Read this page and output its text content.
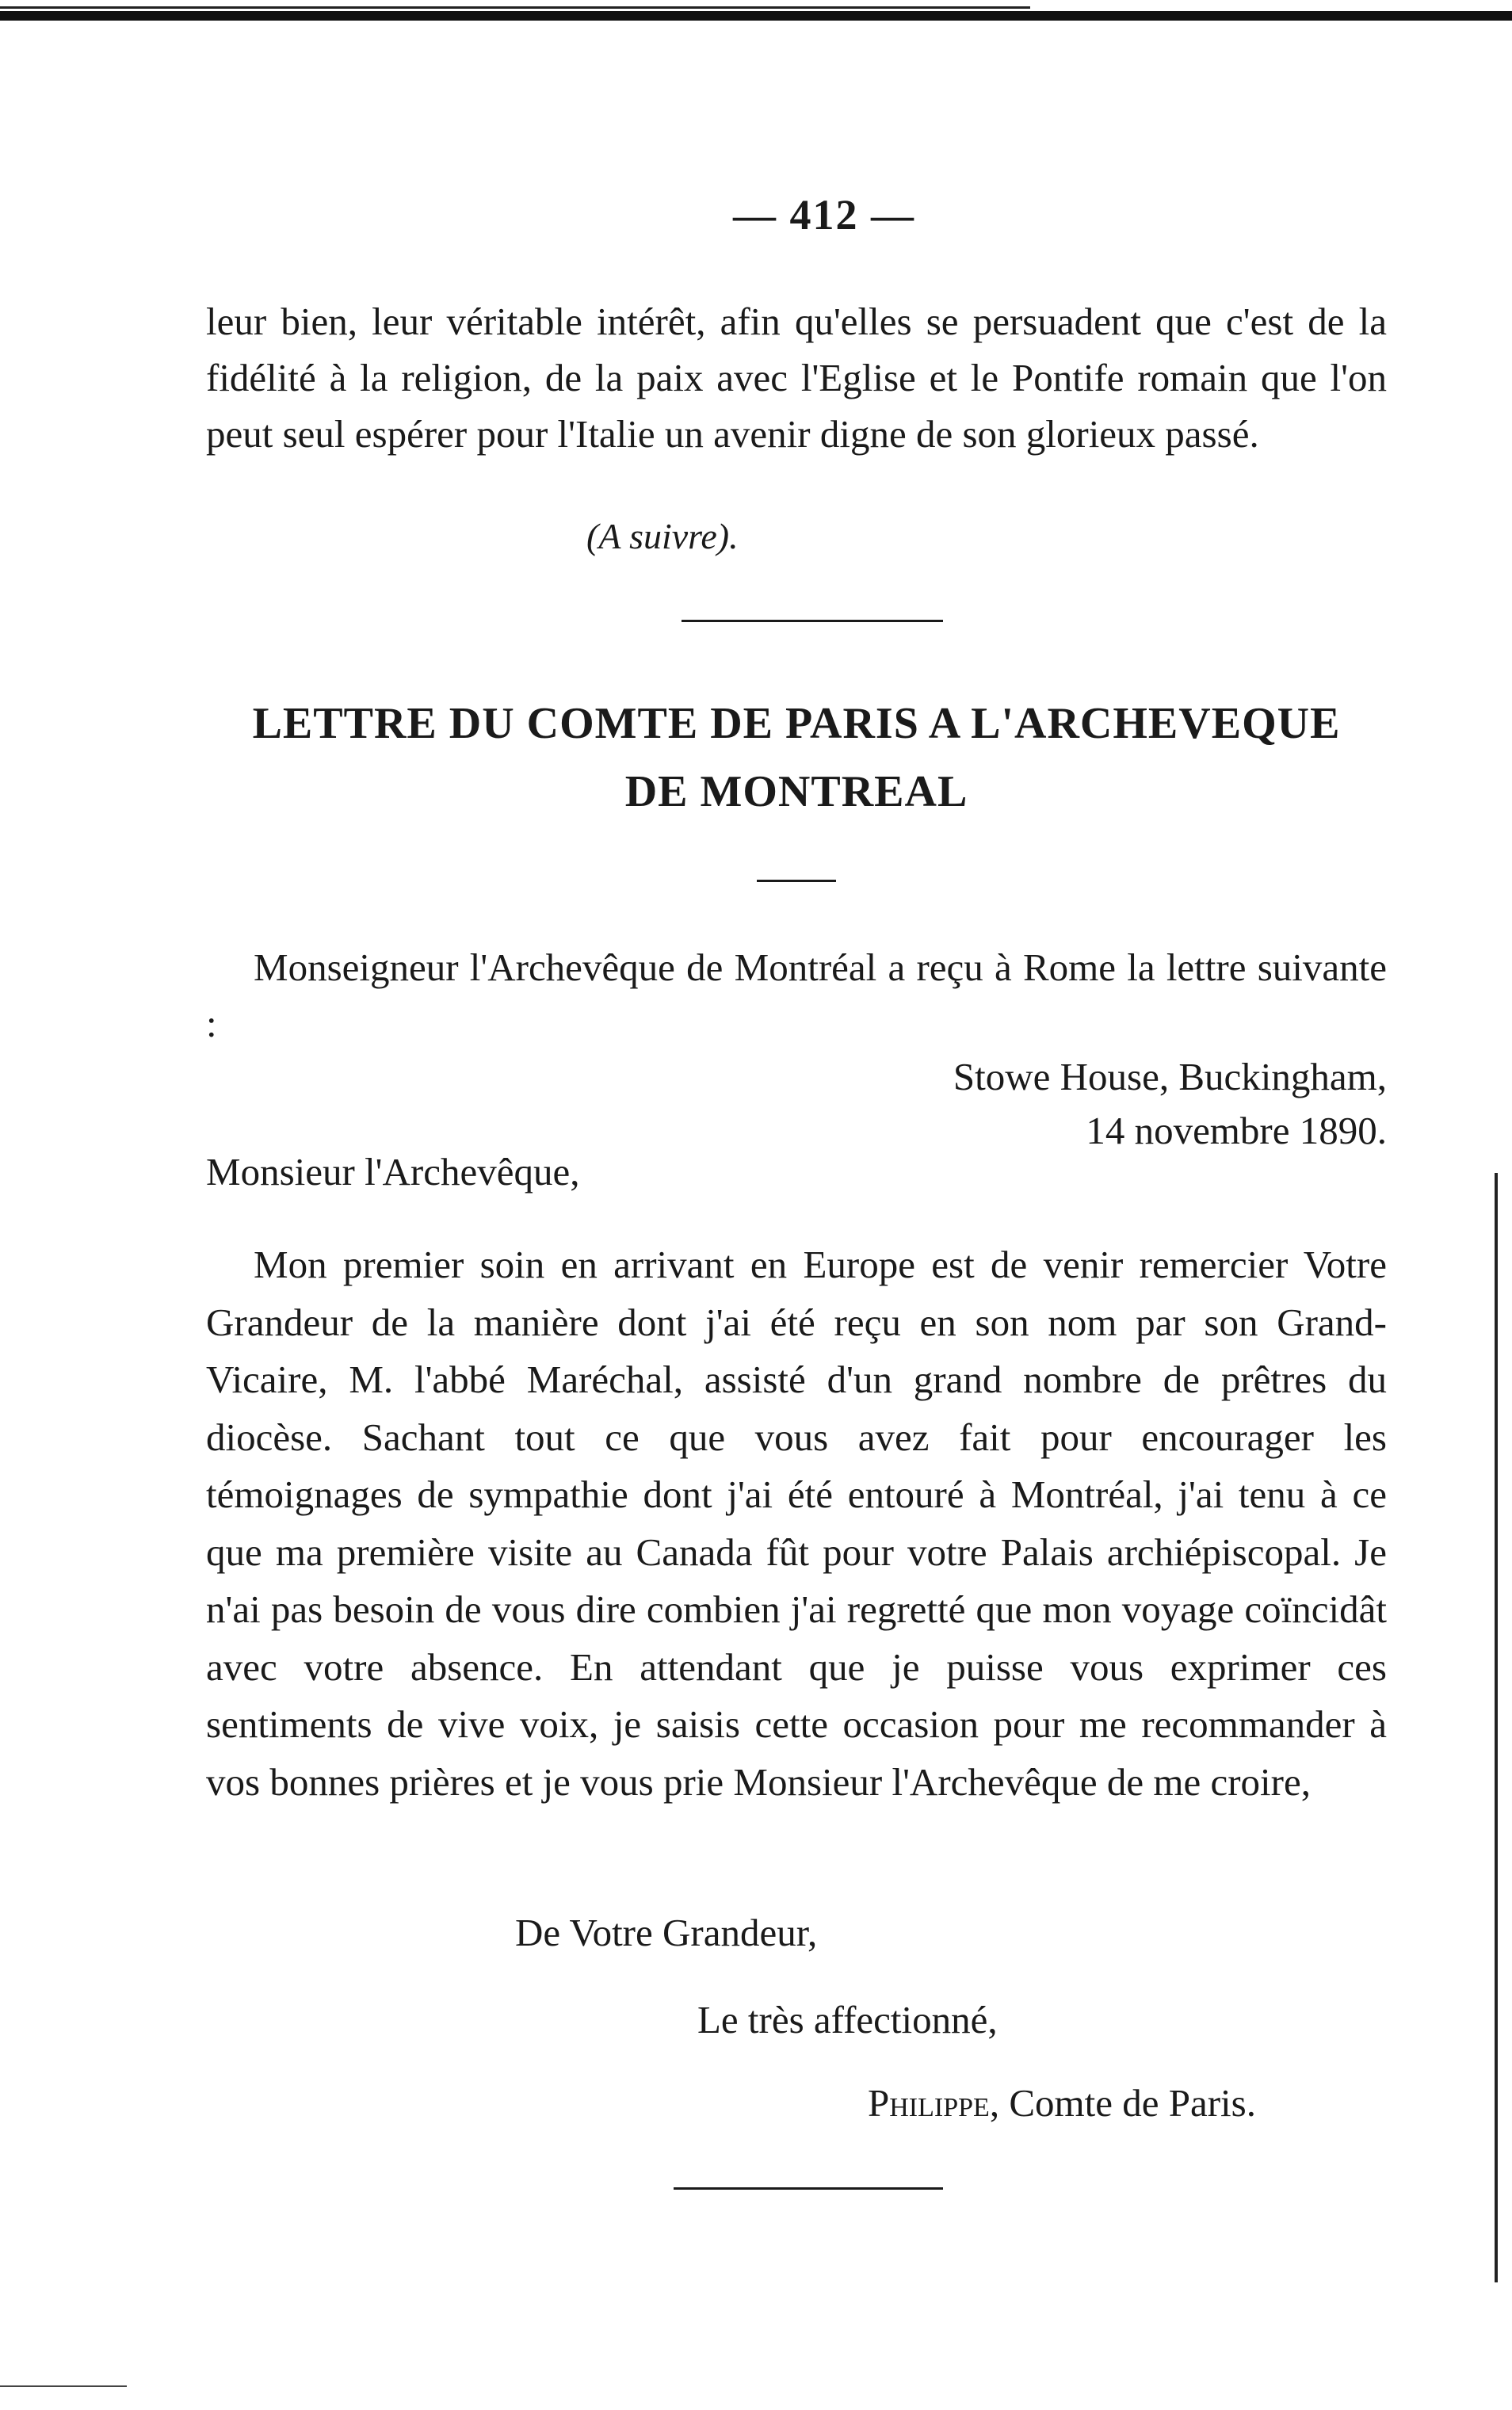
— 412 —

leur bien, leur véritable intérêt, afin qu'elles se persuadent que c'est de la fidélité à la religion, de la paix avec l'Eglise et le Pontife romain que l'on peut seul espérer pour l'Italie un avenir digne de son glorieux passé.

(A suivre).
LETTRE DU COMTE DE PARIS A L'ARCHEVEQUE
DE MONTREAL

Monseigneur l'Archevêque de Montréal a reçu à Rome la lettre suivante :

Stowe House, Buckingham,
14 novembre 1890.
Monsieur l'Archevêque,

Mon premier soin en arrivant en Europe est de venir remercier Votre Grandeur de la manière dont j'ai été reçu en son nom par son Grand-Vicaire, M. l'abbé Maréchal, assisté d'un grand nombre de prêtres du diocèse. Sachant tout ce que vous avez fait pour encourager les témoignages de sympathie dont j'ai été entouré à Montréal, j'ai tenu à ce que ma première visite au Canada fût pour votre Palais archiépiscopal. Je n'ai pas besoin de vous dire combien j'ai regretté que mon voyage coïncidât avec votre absence. En attendant que je puisse vous exprimer ces sentiments de vive voix, je saisis cette occasion pour me recommander à vos bonnes prières et je vous prie Monsieur l'Archevêque de me croire,

De Votre Grandeur,
Le très affectionné,
Philippe, Comte de Paris.
